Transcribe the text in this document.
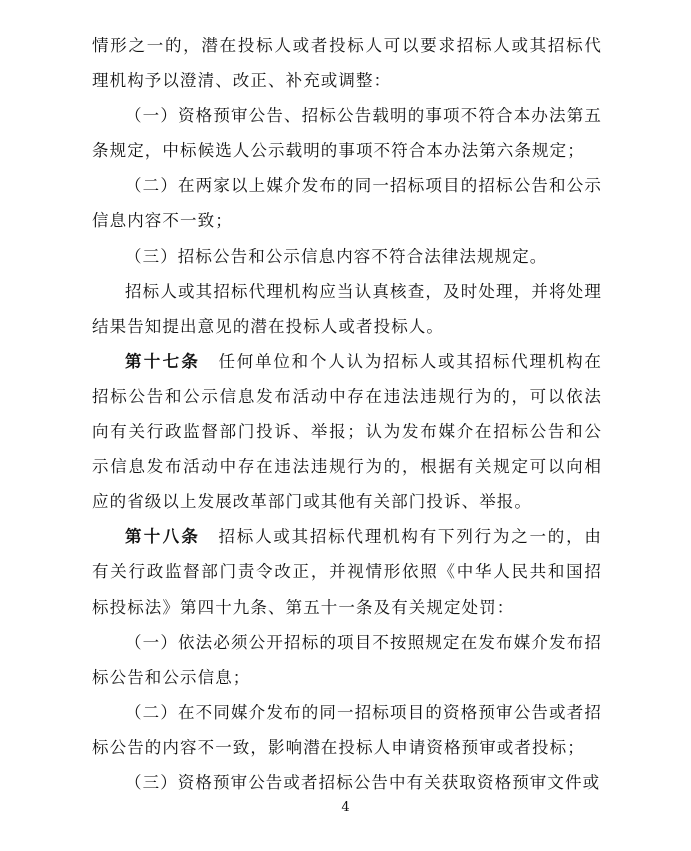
情形之一的，潜在投标人或者投标人可以要求招标人或其招标代理机构予以澄清、改正、补充或调整：

（一）资格预审公告、招标公告载明的事项不符合本办法第五条规定，中标候选人公示载明的事项不符合本办法第六条规定；

（二）在两家以上媒介发布的同一招标项目的招标公告和公示信息内容不一致；

（三）招标公告和公示信息内容不符合法律法规规定。

招标人或其招标代理机构应当认真核查，及时处理，并将处理结果告知提出意见的潜在投标人或者投标人。

第十七条　 任何单位和个人认为招标人或其招标代理机构在招标公告和公示信息发布活动中存在违法违规行为的，可以依法向有关行政监督部门投诉、举报；认为发布媒介在招标公告和公示信息发布活动中存在违法违规行为的，根据有关规定可以向相应的省级以上发展改革部门或其他有关部门投诉、举报。

第十八条　 招标人或其招标代理机构有下列行为之一的，由有关行政监督部门责令改正，并视情形依照《中华人民共和国招标投标法》第四十九条、第五十一条及有关规定处罚：

（一）依法必须公开招标的项目不按照规定在发布媒介发布招标公告和公示信息；

（二）在不同媒介发布的同一招标项目的资格预审公告或者招标公告的内容不一致，影响潜在投标人申请资格预审或者投标；

（三）资格预审公告或者招标公告中有关获取资格预审文件或

4
